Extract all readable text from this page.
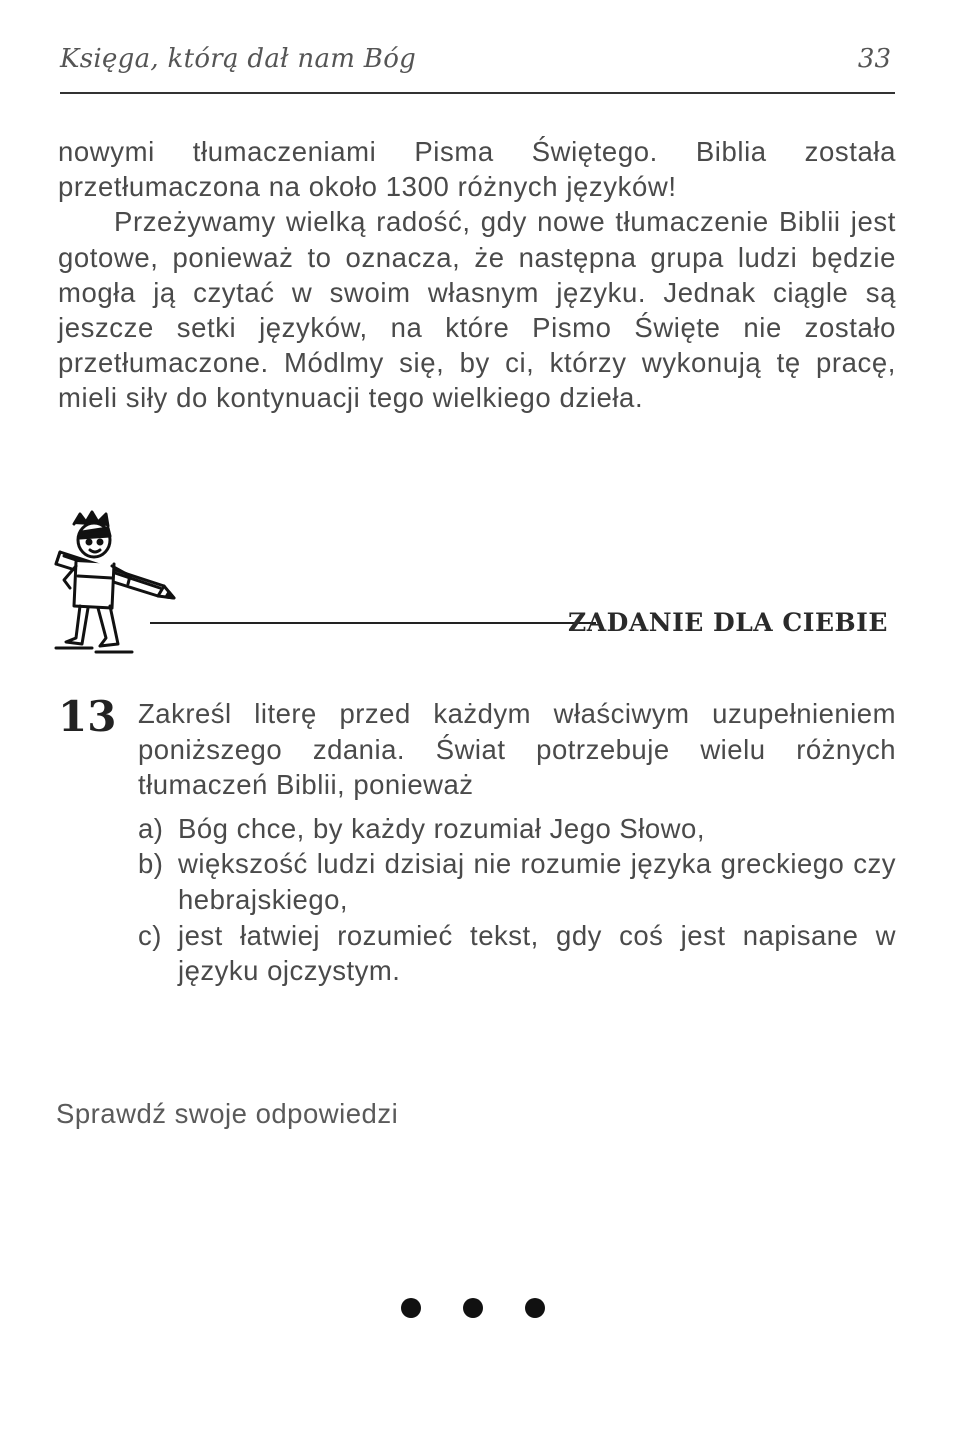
Księga, którą dał nam Bóg	33

nowymi tłumaczeniami Pisma Świętego. Biblia została przetłumaczona na około 1300 różnych języków!

Przeżywamy wielką radość, gdy nowe tłumaczenie Biblii jest gotowe, ponieważ to oznacza, że następna grupa ludzi będzie mogła ją czytać w swoim własnym języku. Jednak ciągle są jeszcze setki języków, na które Pismo Święte nie zostało przetłumaczone. Módlmy się, by ci, którzy wykonują tę pracę, mieli siły do kontynuacji tego wielkiego dzieła.

ZADANIE DLA CIEBIE
13 Zakreśl literę przed każdym właściwym uzupełnieniem poniższego zdania. Świat potrzebuje wielu różnych tłumaczeń Biblii, ponieważ

a) Bóg chce, by każdy rozumiał Jego Słowo,
b) większość ludzi dzisiaj nie rozumie języka greckiego czy hebrajskiego,
c) jest łatwiej rozumieć tekst, gdy coś jest napisane w języku ojczystym.
Sprawdź swoje odpowiedzi
